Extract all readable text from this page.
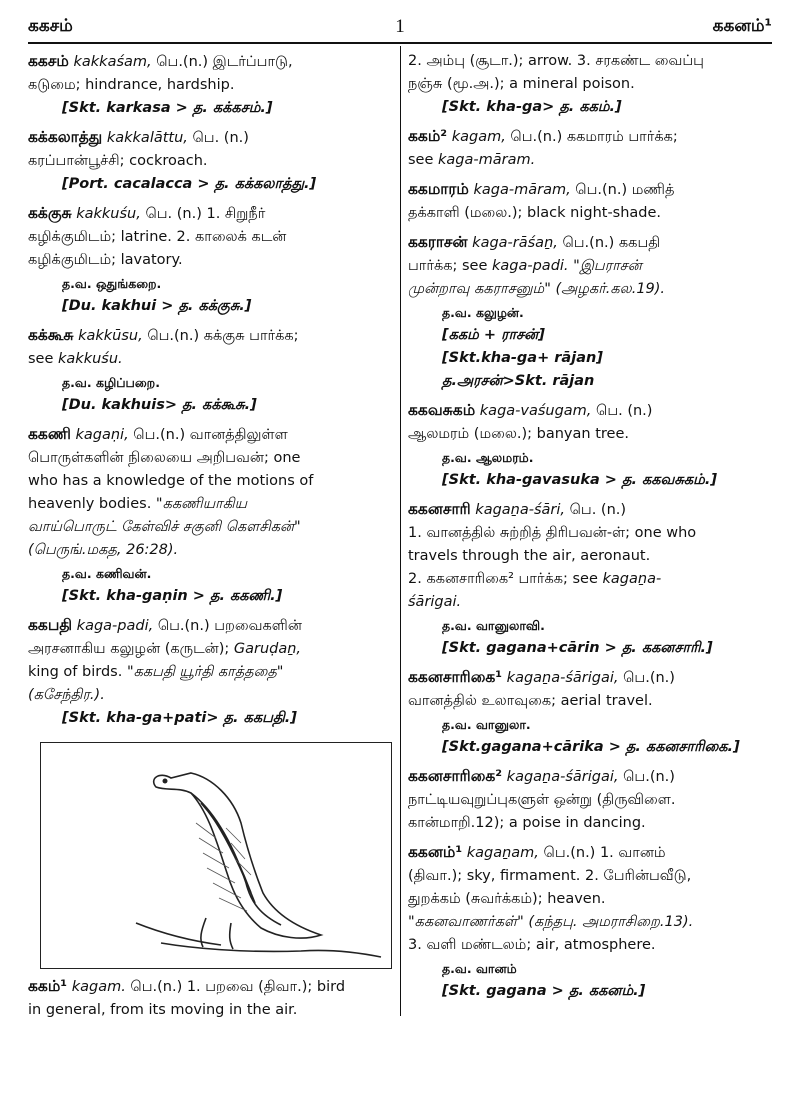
ககசம்	1	ககனம்¹
ககசம் kakkaśam, பெ.(n.) இடர்ப்பாடு,
கடுமை; hindrance, hardship.
[Skt. karkasa > த. கக்கசம்.]
கக்கலாத்து kakkalāttu, பெ. (n.)
கரப்பான்பூச்சி; cockroach.
[Port. cacalacca > த. கக்கலாத்து.]
கக்குசு kakkuśu, பெ. (n.) 1. சிறுநீர்
கழிக்குமிடம்; latrine. 2. காலைக் கடன்
கழிக்குமிடம்; lavatory.
த.வ. ஒதுங்கறை.
[Du. kakhui > த. கக்குசு.]
கக்கூசு kakkūsu, பெ.(n.) கக்குசு பார்க்க;
see kakkuśu.
த.வ. கழிப்பறை.
[Du. kakhuis> த. கக்கூசு.]
ககணி kagaṇi, பெ.(n.) வானத்திலுள்ள
பொருள்களின் நிலையை அறிபவன்; one
who has a knowledge of the motions of
heavenly bodies. "ககணியாகிய
வாய்பொருட் கேள்விச் சகுனி கௌசிகன்"
(பெருங்.மகத, 26:28).
த.வ. கணிவன்.
[Skt. kha-gaṇin > த. ககணி.]
ககபதி kaga-padi, பெ.(n.) பறவைகளின்
அரசனாகிய கலுழன் (கருடன்); Garuḍaṉ,
king of birds. "ககபதி யூர்தி காத்ததை"
(கசேந்திர.).
[Skt. kha-ga+pati> த. ககபதி.]
ககம்¹ kagam. பெ.(n.) 1. பறவை (திவா.); bird
in general, from its moving in the air.
2. அம்பு (சூடா.); arrow. 3. சரகண்ட வைப்பு
நஞ்சு (மூ.அ.); a mineral poison.
[Skt. kha-ga> த. ககம்.]
ககம்² kagam, பெ.(n.) ககமாரம் பார்க்க;
see kaga-māram.
ககமாரம் kaga-māram, பெ.(n.) மணித்
தக்காளி (மலை.); black night-shade.
ககராசன் kaga-rāśaṉ, பெ.(n.) ககபதி
பார்க்க; see kaga-padi. "இபராசன்
முன்றாவு ககராசனும்" (அழகர்.கல.19).
த.வ. கலுழன்.
[ககம் + ராசன்]
[Skt.kha-ga+ rājan]
த.அரசன்>Skt. rājan
ககவசுகம் kaga-vaśugam, பெ. (n.)
ஆலமரம் (மலை.); banyan tree.
த.வ. ஆலமரம்.
[Skt. kha-gavasuka > த. ககவசுகம்.]
ககனசாரி kagaṉa-śāri, பெ. (n.)
1. வானத்தில் சுற்றித் திரிபவன்-ள்; one who
travels through the air, aeronaut.
2. ககனசாரிகை² பார்க்க; see kagaṉa-
śārigai.
த.வ. வானுலாவி.
[Skt. gagana+cārin > த. ககனசாரி.]
ககனசாரிகை¹ kagaṉa-śārigai, பெ.(n.)
வானத்தில் உலாவுகை; aerial travel.
த.வ. வானுலா.
[Skt.gagana+cārika > த. ககனசாரிகை.]
ககனசாரிகை² kagaṉa-śārigai, பெ.(n.)
நாட்டியவுறுப்புகளுள் ஒன்று (திருவிளை.
கான்மாறி.12); a poise in dancing.
ககனம்¹ kagaṉam, பெ.(n.) 1. வானம்
(திவா.); sky, firmament. 2. பேரின்பவீடு,
துறக்கம் (சுவர்க்கம்); heaven.
"ககனவாணர்கள்" (கந்தபு. அமராசிறை.13).
3. வளி மண்டலம்; air, atmosphere.
த.வ. வானம்
[Skt. gagana > த. ககனம்.]
